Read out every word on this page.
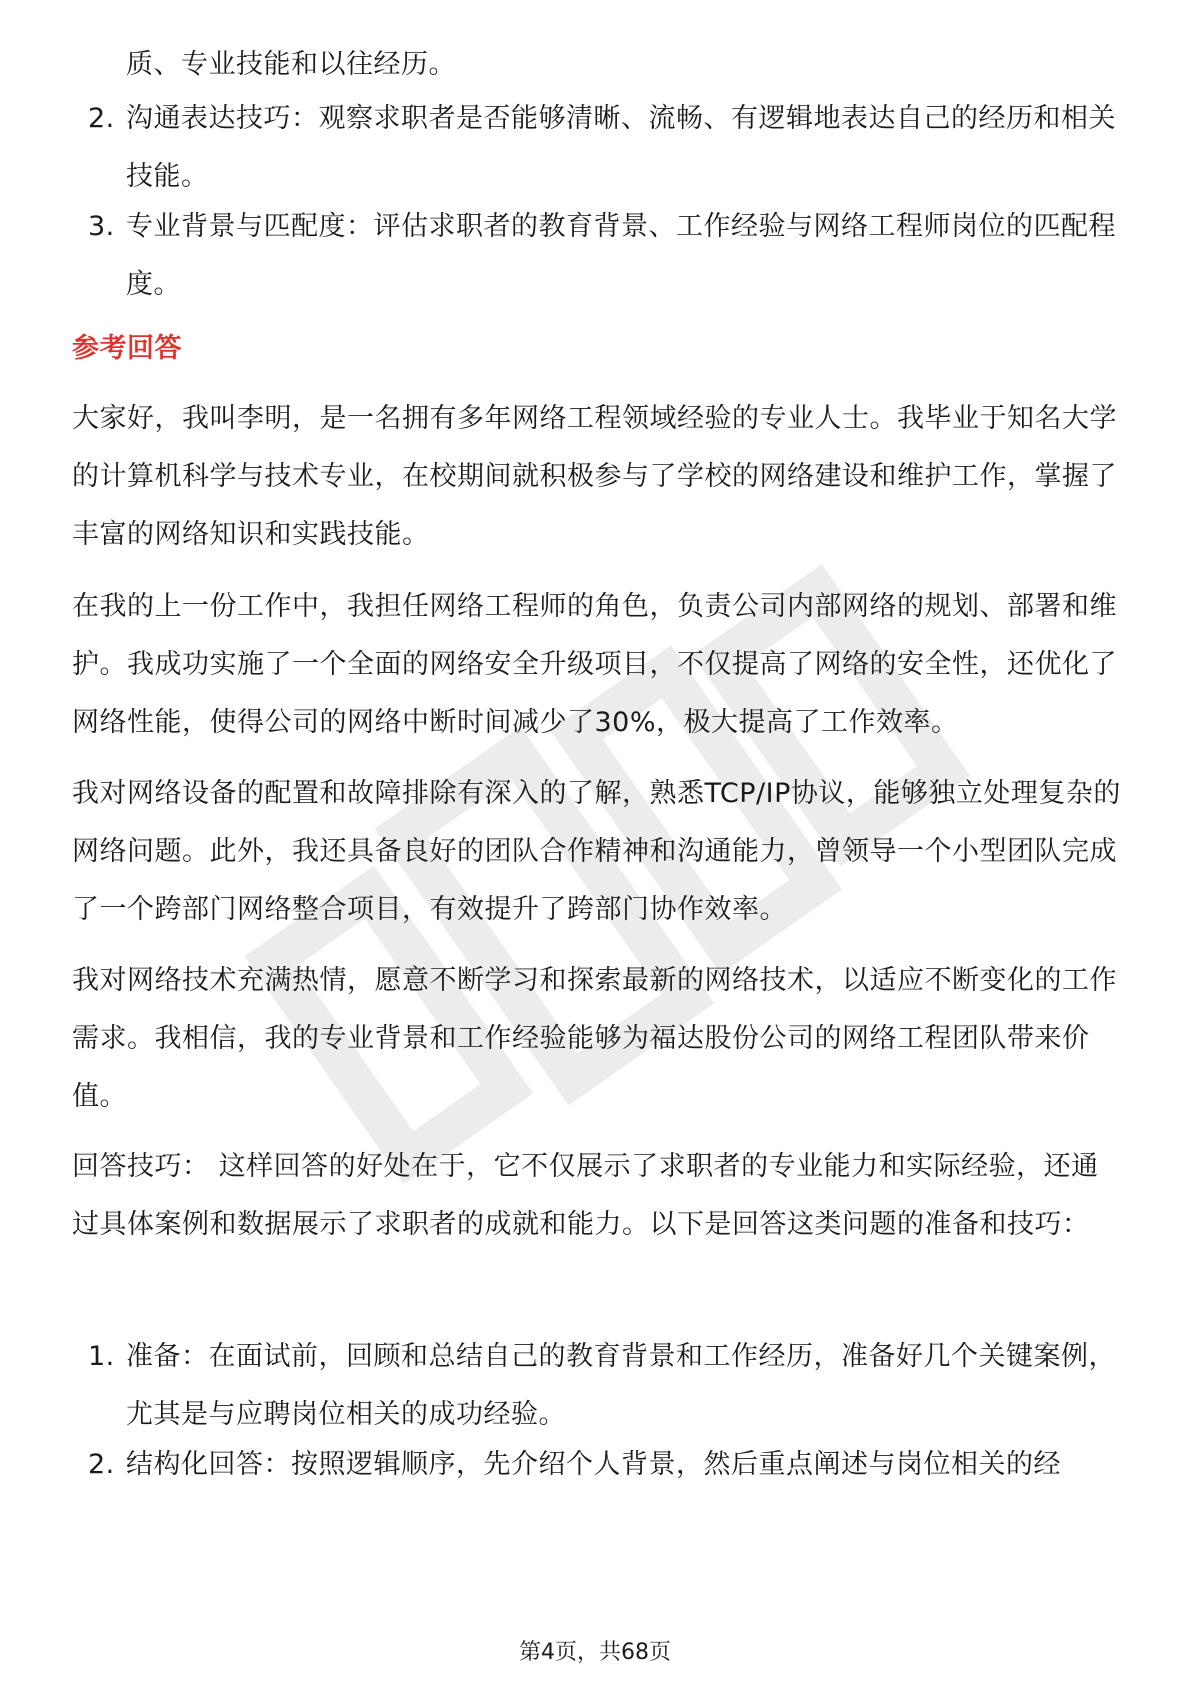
质、专业技能和以往经历。
2. 沟通表达技巧：观察求职者是否能够清晰、流畅、有逻辑地表达自己的经历和相关技能。
3. 专业背景与匹配度：评估求职者的教育背景、工作经验与网络工程师岗位的匹配程度。
参考回答
大家好，我叫李明，是一名拥有多年网络工程领域经验的专业人士。我毕业于知名大学的计算机科学与技术专业，在校期间就积极参与了学校的网络建设和维护工作，掌握了丰富的网络知识和实践技能。
在我的上一份工作中，我担任网络工程师的角色，负责公司内部网络的规划、部署和维护。我成功实施了一个全面的网络安全升级项目，不仅提高了网络的安全性，还优化了网络性能，使得公司的网络中断时间减少了30%，极大提高了工作效率。
我对网络设备的配置和故障排除有深入的了解，熟悉TCP/IP协议，能够独立处理复杂的网络问题。此外，我还具备良好的团队合作精神和沟通能力，曾领导一个小型团队完成了一个跨部门网络整合项目，有效提升了跨部门协作效率。
我对网络技术充满热情，愿意不断学习和探索最新的网络技术，以适应不断变化的工作需求。我相信，我的专业背景和工作经验能够为福达股份公司的网络工程团队带来价值。
回答技巧： 这样回答的好处在于，它不仅展示了求职者的专业能力和实际经验，还通过具体案例和数据展示了求职者的成就和能力。以下是回答这类问题的准备和技巧：
1. 准备：在面试前，回顾和总结自己的教育背景和工作经历，准备好几个关键案例，尤其是与应聘岗位相关的成功经验。
2. 结构化回答：按照逻辑顺序，先介绍个人背景，然后重点阐述与岗位相关的经
第4页，共68页
